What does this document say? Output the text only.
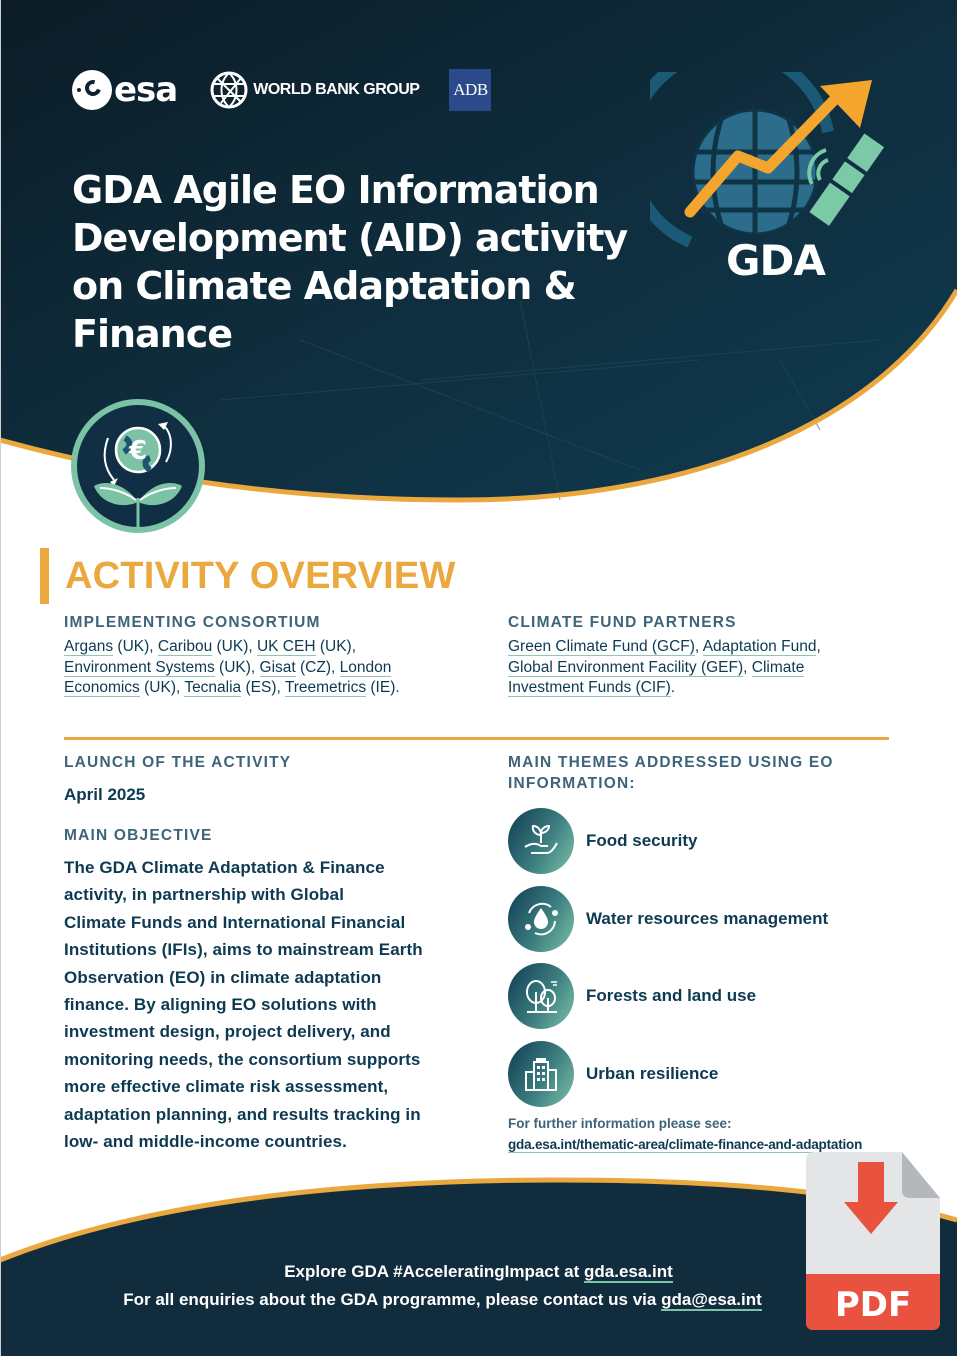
esa	WORLD BANK GROUP ADB
GDA Agile EO Information
Development (AID) activity
on Climate Adaptation &
Finance
GDA
€
ACTIVITY OVERVIEW
IMPLEMENTING CONSORTIUM
Argans (UK), Caribou (UK), UK CEH (UK),
Environment Systems (UK), Gisat (CZ), London
Economics (UK), Tecnalia (ES), Treemetrics (IE).
CLIMATE FUND PARTNERS
Green Climate Fund (GCF), Adaptation Fund,
Global Environment Facility (GEF), Climate
Investment Funds (CIF).
LAUNCH OF THE ACTIVITY
April 2025
MAIN OBJECTIVE
The GDA Climate Adaptation & Finance
activity, in partnership with Global
Climate Funds and International Financial
Institutions (IFIs), aims to mainstream Earth
Observation (EO) in climate adaptation
finance. By aligning EO solutions with
investment design, project delivery, and
monitoring needs, the consortium supports
more effective climate risk assessment,
adaptation planning, and results tracking in
low- and middle-income countries.
MAIN THEMES ADDRESSED USING EO INFORMATION:
Food security
Water resources management
Forests and land use
Urban resilience
For further information please see:
gda.esa.int/thematic-area/climate-finance-and-adaptation
Explore GDA #AcceleratingImpact at gda.esa.int
For all enquiries about the GDA programme, please contact us via gda@esa.int	PDF
